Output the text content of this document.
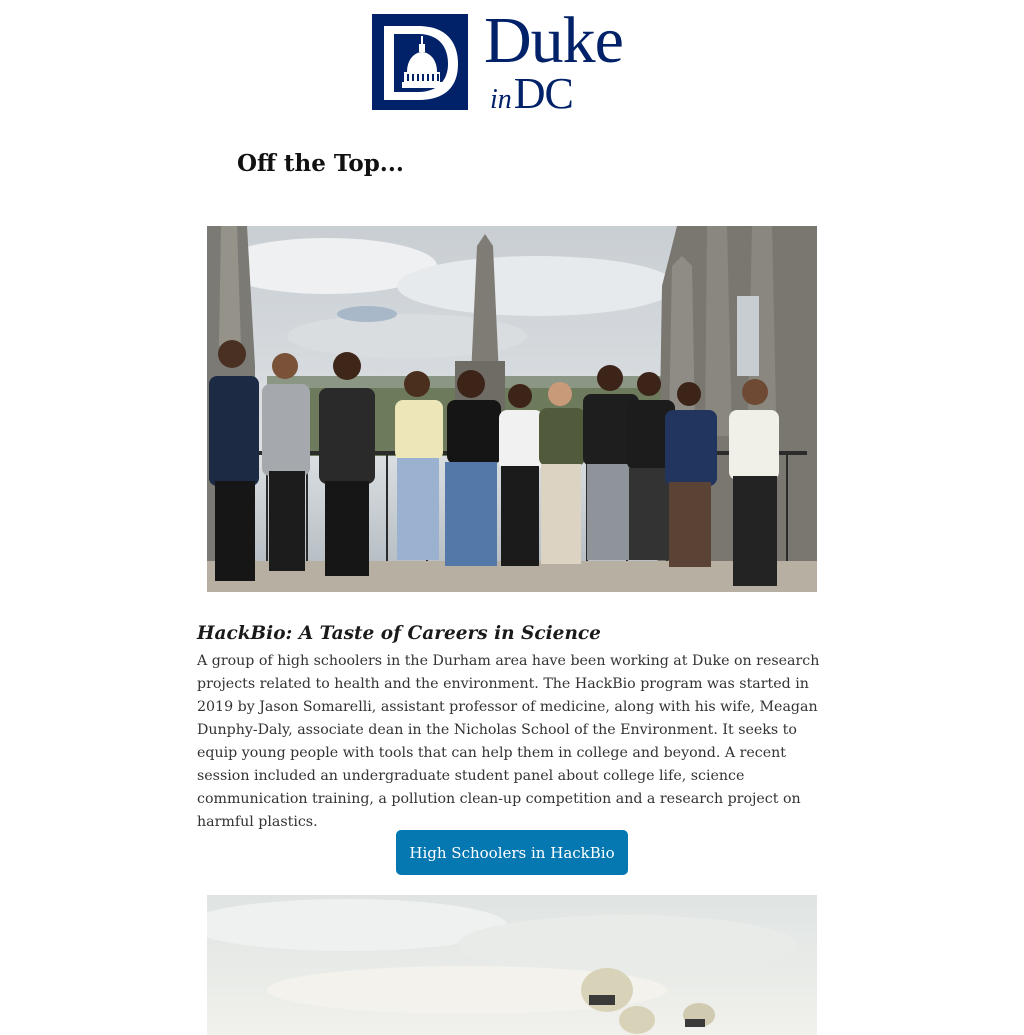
Duke
inDC
Off the Top...
HackBio: A Taste of Careers in Science

A group of high schoolers in the Durham area have been working at Duke on research projects related to health and the environment. The HackBio program was started in 2019 by Jason Somarelli, assistant professor of medicine, along with his wife, Meagan Dunphy-Daly, associate dean in the Nicholas School of the Environment. It seeks to equip young people with tools that can help them in college and beyond. A recent session included an undergraduate student panel about college life, science communication training, a pollution clean-up competition and a research project on harmful plastics.

High Schoolers in HackBio
